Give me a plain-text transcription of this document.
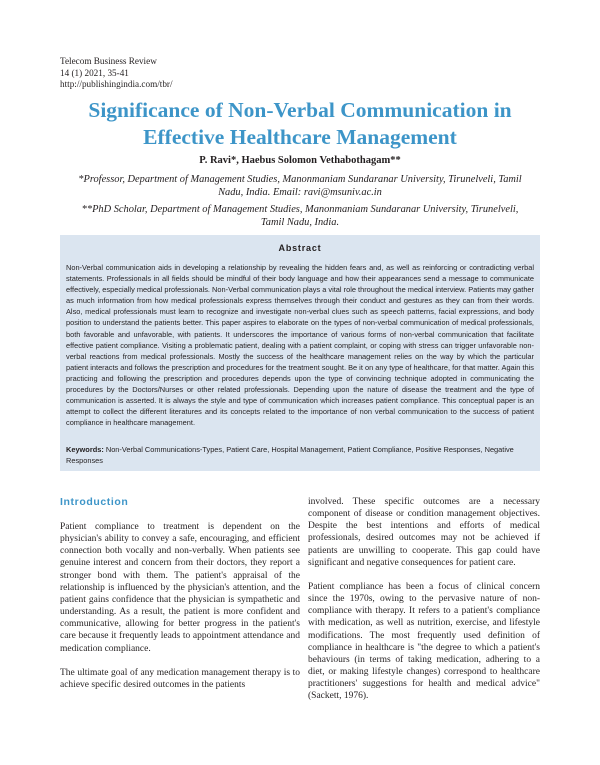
Telecom Business Review
14 (1) 2021, 35-41
http://publishingindia.com/tbr/
Significance of Non-Verbal Communication in
Effective Healthcare Management
P. Ravi*, Haebus Solomon Vethabothagam**
*Professor, Department of Management Studies, Manonmaniam Sundaranar University, Tirunelveli, Tamil
Nadu, India. Email: ravi@msuniv.ac.in
**PhD Scholar, Department of Management Studies, Manonmaniam Sundaranar University, Tirunelveli,
Tamil Nadu, India.
Abstract

Non-Verbal communication aids in developing a relationship by revealing the hidden fears and, as well as reinforcing or contradicting verbal statements. Professionals in all fields should be mindful of their body language and how their appearances send a message to communicate effectively, especially medical professionals. Non-Verbal communication plays a vital role throughout the medical interview. Patients may gather as much information from how medical professionals express themselves through their conduct and gestures as they can from their words. Also, medical professionals must learn to recognize and investigate non-verbal clues such as speech patterns, facial expressions, and body position to understand the patients better. This paper aspires to elaborate on the types of non-verbal communication of medical professionals, both favorable and unfavorable, with patients. It underscores the importance of various forms of non-verbal communication that facilitate effective patient compliance. Visiting a problematic patient, dealing with a patient complaint, or coping with stress can trigger unfavorable non-verbal reactions from medical professionals. Mostly the success of the healthcare management relies on the way by which the particular patient interacts and follows the prescription and procedures for the treatment sought. Be it on any type of healthcare, for that matter. Again this practicing and following the prescription and procedures depends upon the type of convincing technique adopted in communicating the procedures by the Doctors/Nurses or other related professionals. Depending upon the nature of disease the treatment and the type of communication is asserted. It is always the style and type of communication which increases patient compliance. This conceptual paper is an attempt to collect the different literatures and its concepts related to the importance of non verbal communication to the success of patient compliance in healthcare management.

Keywords: Non-Verbal Communications-Types, Patient Care, Hospital Management, Patient Compliance, Positive Responses, Negative Responses

Introduction

Patient compliance to treatment is dependent on the physician's ability to convey a safe, encouraging, and efficient connection both vocally and non-verbally. When patients see genuine interest and concern from their doctors, they report a stronger bond with them. The patient's appraisal of the relationship is influenced by the physician's attention, and the patient gains confidence that the physician is sympathetic and understanding. As a result, the patient is more confident and communicative, allowing for better progress in the patient's care because it frequently leads to appointment attendance and medication compliance.

The ultimate goal of any medication management therapy is to achieve specific desired outcomes in the patients

involved. These specific outcomes are a necessary component of disease or condition management objectives. Despite the best intentions and efforts of medical professionals, desired outcomes may not be achieved if patients are unwilling to cooperate. This gap could have significant and negative consequences for patient care.

Patient compliance has been a focus of clinical concern since the 1970s, owing to the pervasive nature of non-compliance with therapy. It refers to a patient's compliance with medication, as well as nutrition, exercise, and lifestyle modifications. The most frequently used definition of compliance in healthcare is "the degree to which a patient's behaviours (in terms of taking medication, adhering to a diet, or making lifestyle changes) correspond to healthcare practitioners' suggestions for health and medical advice" (Sackett, 1976).
